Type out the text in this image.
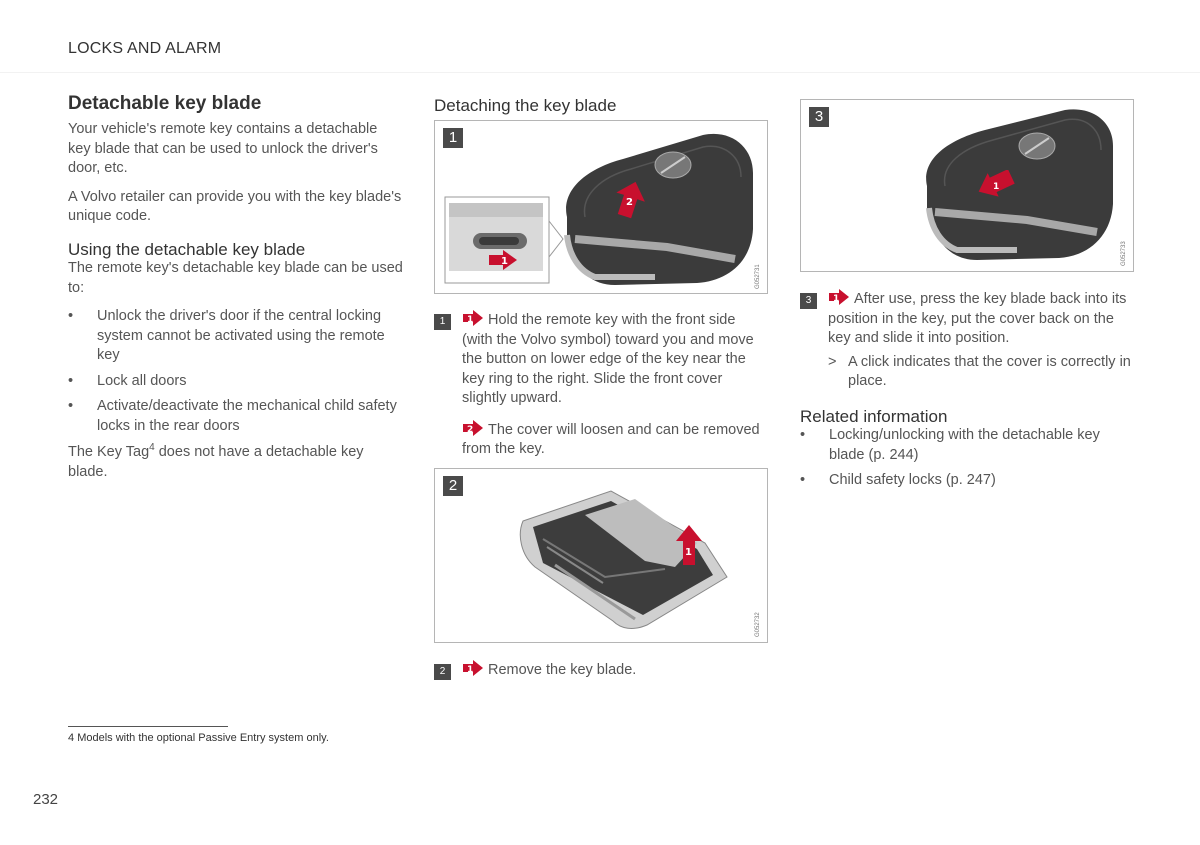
LOCKS AND ALARM
Detachable key blade

Your vehicle's remote key contains a detachable key blade that can be used to unlock the driver's door, etc.

A Volvo retailer can provide you with the key blade's unique code.

Using the detachable key blade

The remote key's detachable key blade can be used to:

• Unlock the driver's door if the central locking system cannot be activated using the remote key
• Lock all doors
• Activate/deactivate the mechanical child safety locks in the rear doors

The Key Tag$^4$ does not have a detachable key blade.

Detaching the key blade
1
1
2
G052731
1	1 Hold the remote key with the front side (with the Volvo symbol) toward you and move the button on lower edge of the key near the key ring to the right. Slide the front cover slightly upward.
2 The cover will loosen and can be removed from the key.
2
1
G052732
2	1 Remove the key blade.
3
1
G052733
3	1 After use, press the key blade back into its position in the key, put the cover back on the key and slide it into position.
> A click indicates that the cover is correctly in place.
Related information
• Locking/unlocking with the detachable key blade (p. 244)
• Child safety locks (p. 247)
4 Models with the optional Passive Entry system only.
232
